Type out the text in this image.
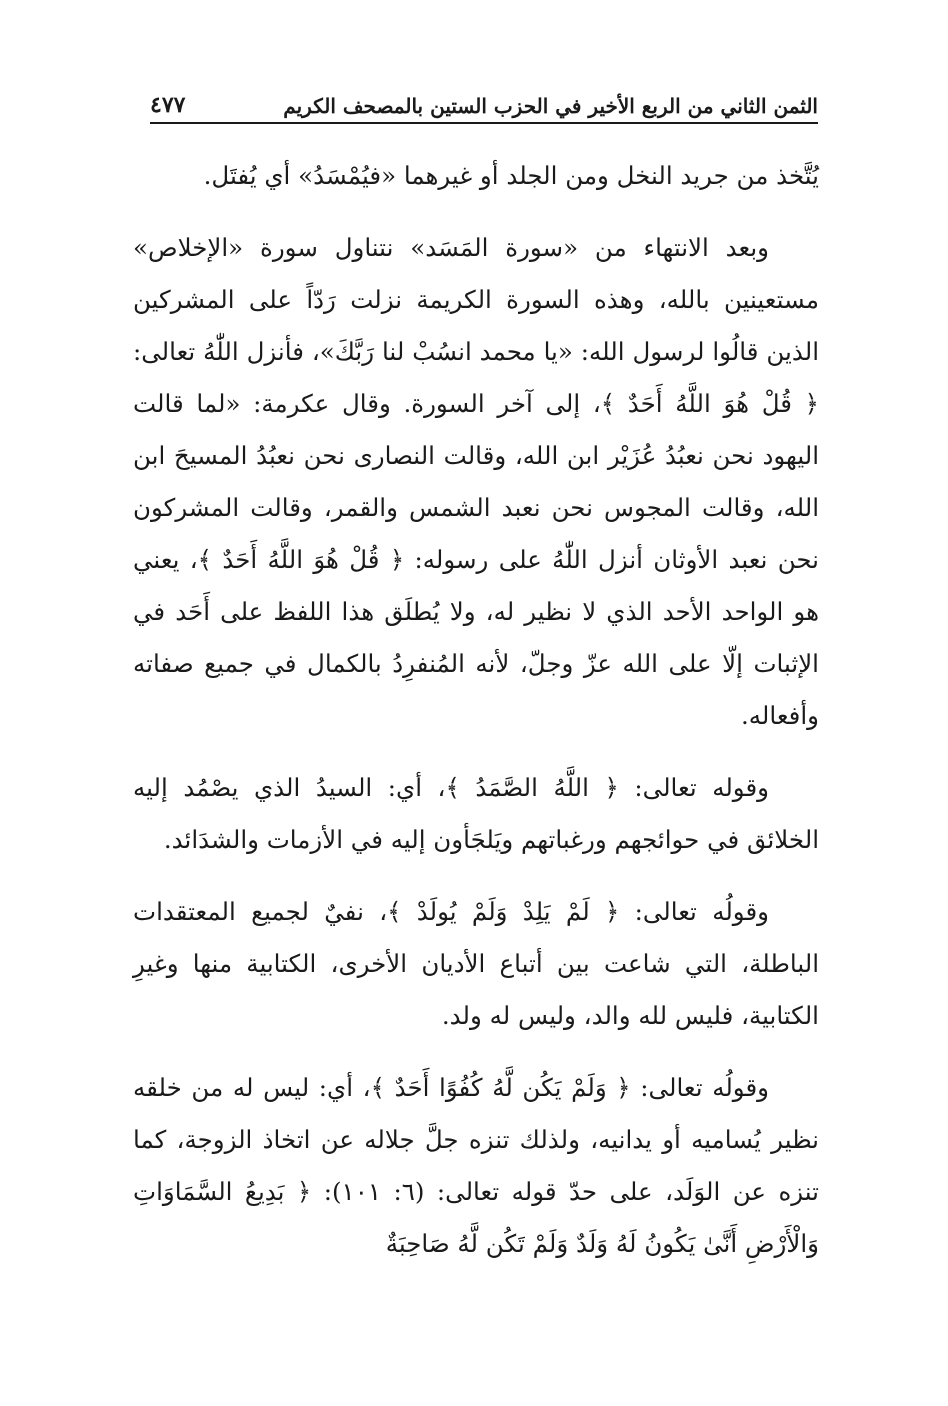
الثمن الثاني من الربع الأخير في الحزب الستين بالمصحف الكريم
٤٧٧

يُتَّخذ من جريد النخل ومن الجلد أو غيرهما «فيُمْسَدُ» أي يُفتَل.

وبعد الانتهاء من «سورة المَسَد» نتناول سورة «الإخلاص» مستعينين بالله، وهذه السورة الكريمة نزلت رَدّاً على المشركين الذين قالُوا لرسول الله: «يا محمد انسُبْ لنا رَبَّكَ»، فأنزل اللّٰهُ تعالى: ﴿ قُلْ هُوَ اللَّهُ أَحَدٌ ﴾، إلى آخر السورة. وقال عكرمة: «لما قالت اليهود نحن نعبُدُ عُزَيْر ابن الله، وقالت النصارى نحن نعبُدُ المسيحَ ابن الله، وقالت المجوس نحن نعبد الشمس والقمر، وقالت المشركون نحن نعبد الأوثان أنزل اللّٰهُ على رسوله: ﴿ قُلْ هُوَ اللَّهُ أَحَدٌ ﴾، يعني هو الواحد الأحد الذي لا نظير له، ولا يُطلَق هذا اللفظ على أَحَد في الإثبات إلّا على الله عزّ وجلّ، لأنه المُنفرِدُ بالكمال في جميع صفاته وأفعاله.

وقوله تعالى: ﴿ اللَّهُ الصَّمَدُ ﴾، أي: السيدُ الذي يصْمُد إليه الخلائق في حوائجهم ورغباتهم ويَلجَأون إليه في الأزمات والشدَائد.

وقولُه تعالى: ﴿ لَمْ يَلِدْ وَلَمْ يُولَدْ ﴾، نفيٌ لجميع المعتقدات الباطلة، التي شاعت بين أتباع الأديان الأخرى، الكتابية منها وغيرِ الكتابية، فليس لله والد، وليس له ولد.

وقولُه تعالى: ﴿ وَلَمْ يَكُن لَّهُ كُفُوًا أَحَدٌ ﴾، أي: ليس له من خلقه نظير يُساميه أو يدانيه، ولذلك تنزه جلَّ جلاله عن اتخاذ الزوجة، كما تنزه عن الوَلَد، على حدّ قوله تعالى: (٦: ١٠١): ﴿ بَدِيعُ السَّمَاوَاتِ وَالْأَرْضِ أَنَّىٰ يَكُونُ لَهُ وَلَدٌ وَلَمْ تَكُن لَّهُ صَاحِبَةٌ
